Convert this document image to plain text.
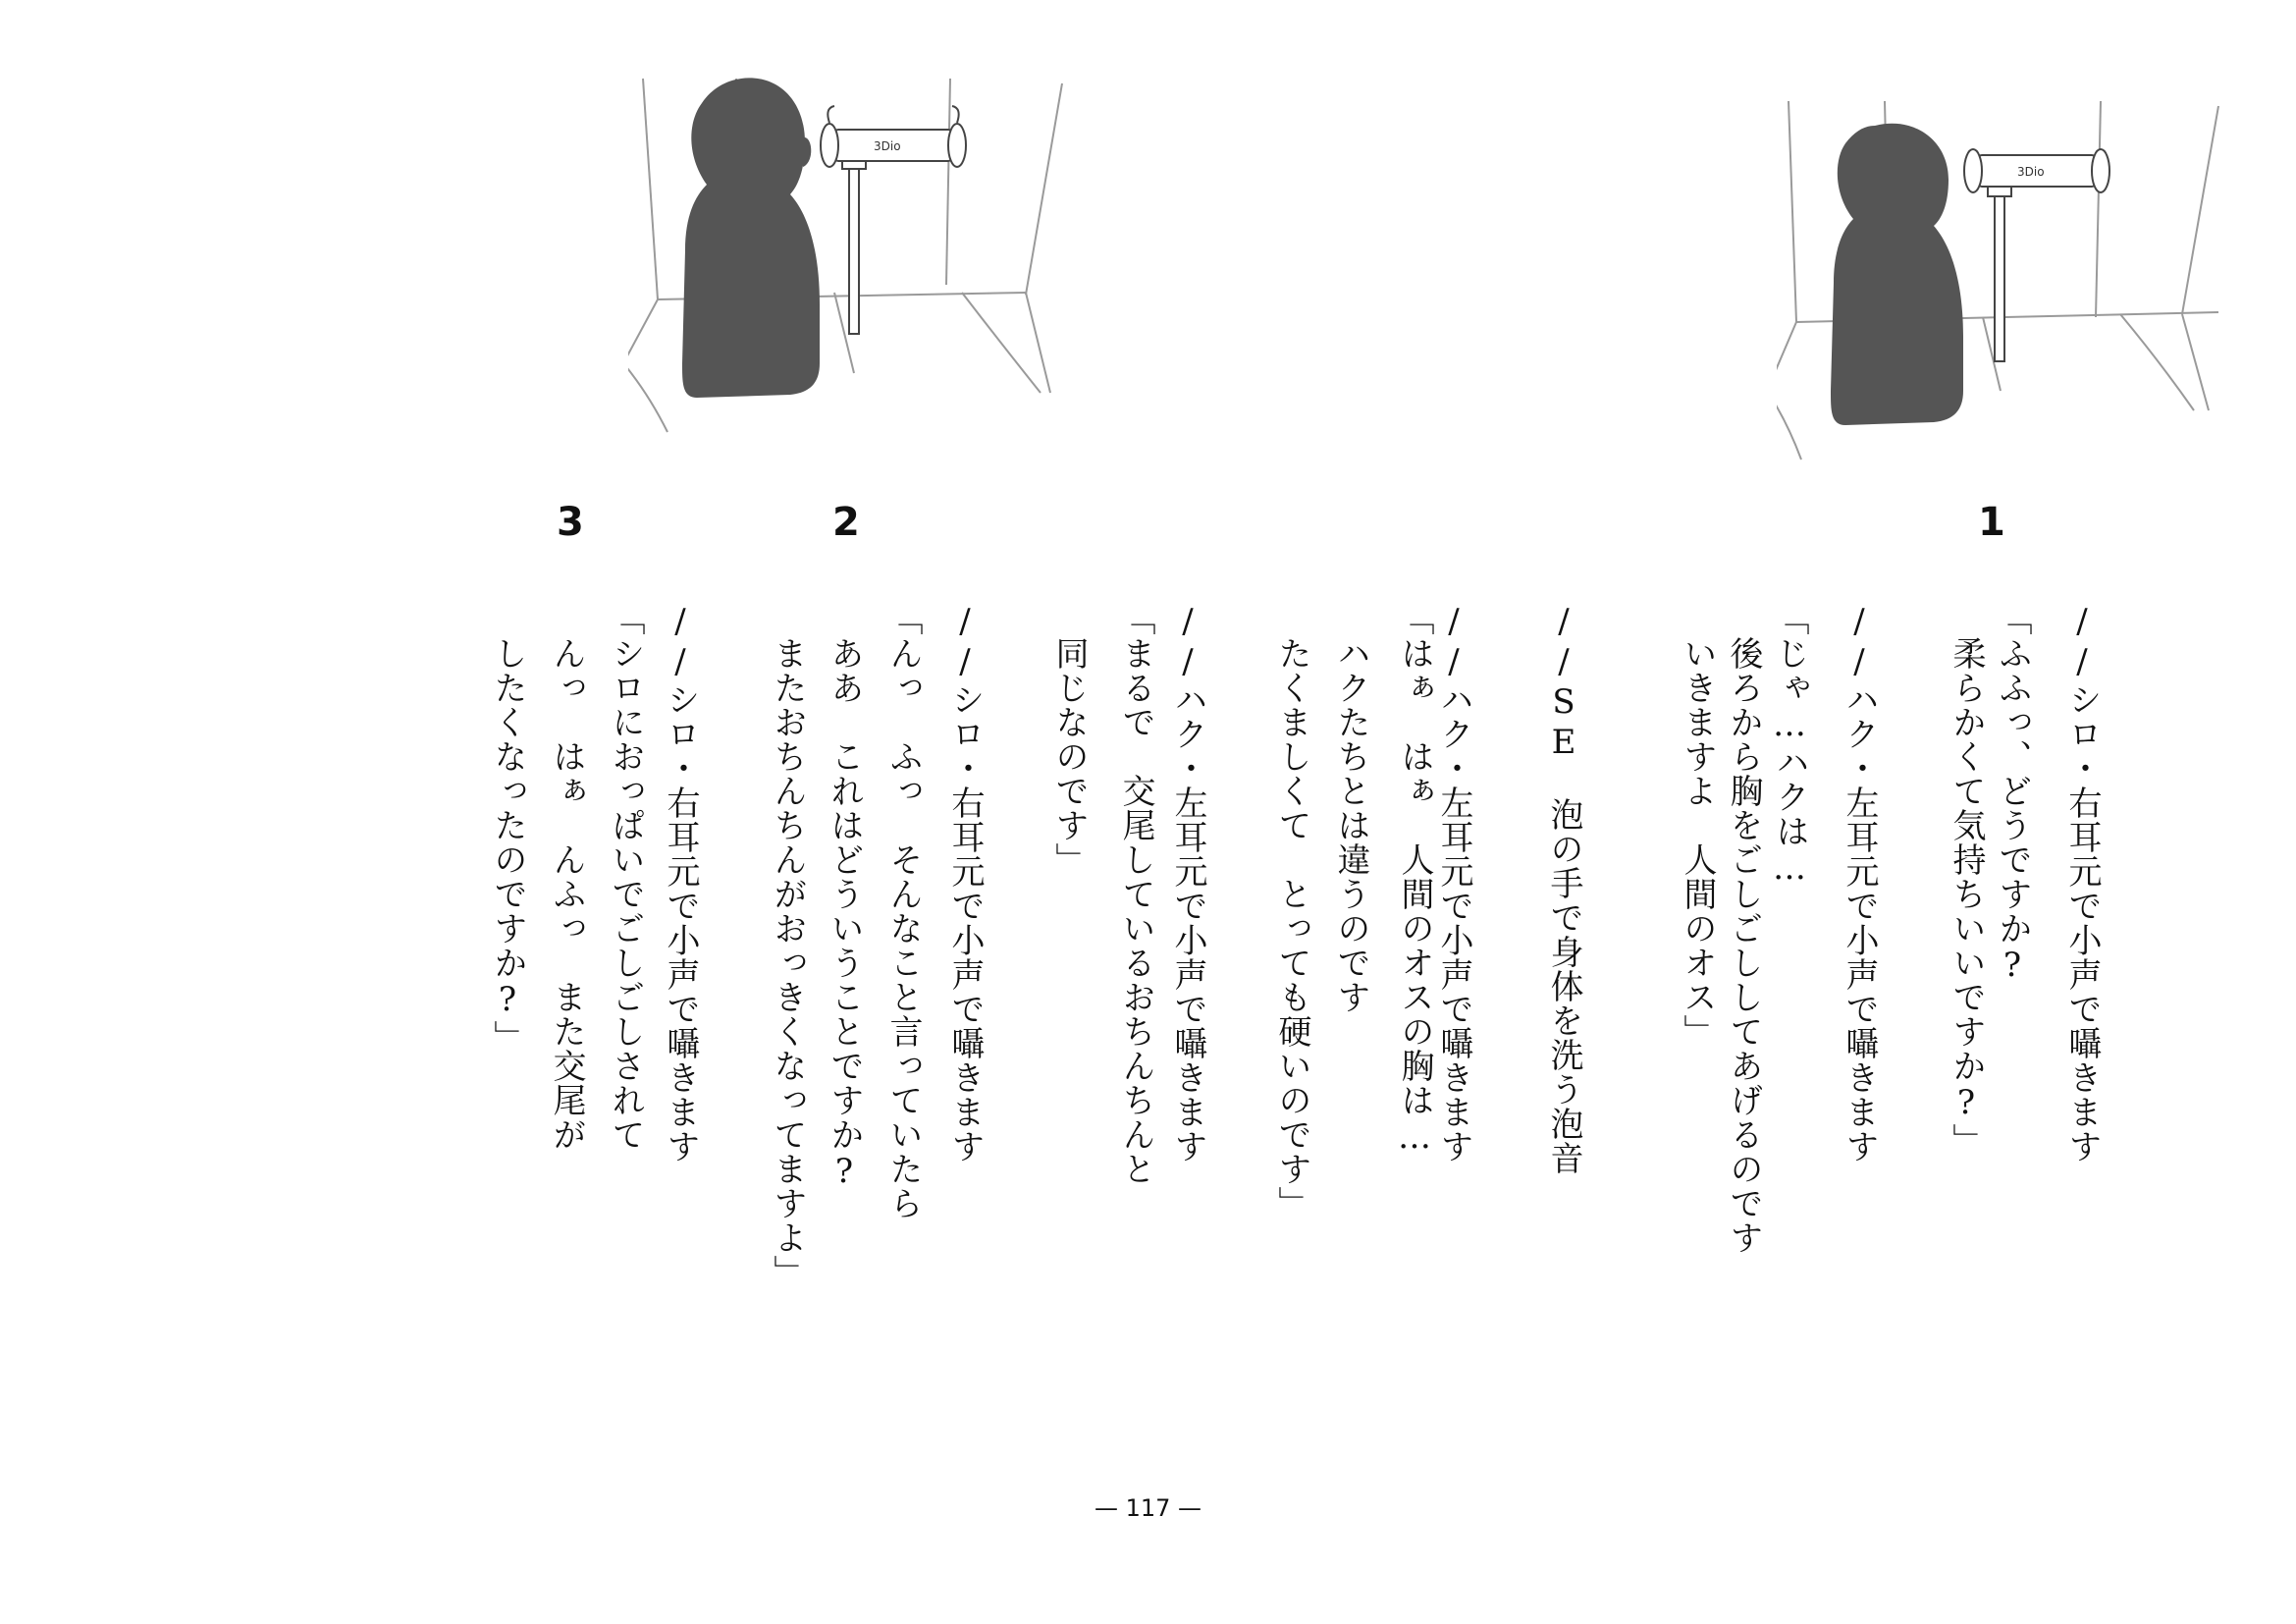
3Dio
3Dio
3	2	1
//シロ・右耳元で小声で囁きます
「ふふっ、どうですか?
　柔らかくて気持ちいいですか?」
//ハク・左耳元で小声で囁きます
「じゃ…ハクは…
　後ろから胸をごしごししてあげるのです
　いきますよ　人間のオス」
//SE　泡の手で身体を洗う泡音
//ハク・左耳元で小声で囁きます
「はぁ　はぁ　人間のオスの胸は…
　ハクたちとは違うのです
　たくましくて　とっても硬いのです」
//ハク・左耳元で小声で囁きます
「まるで　交尾しているおちんちんと
　同じなのです」
//シロ・右耳元で小声で囁きます
「んっ　ふっ　そんなこと言っていたら
　ああ　これはどういうことですか?
　またおちんちんがおっきくなってますよ」
//シロ・右耳元で小声で囁きます
「シロにおっぱいでごしごしされて
　んっ　はぁ　んふっ　また交尾が
　したくなったのですか?」
— 117 —
